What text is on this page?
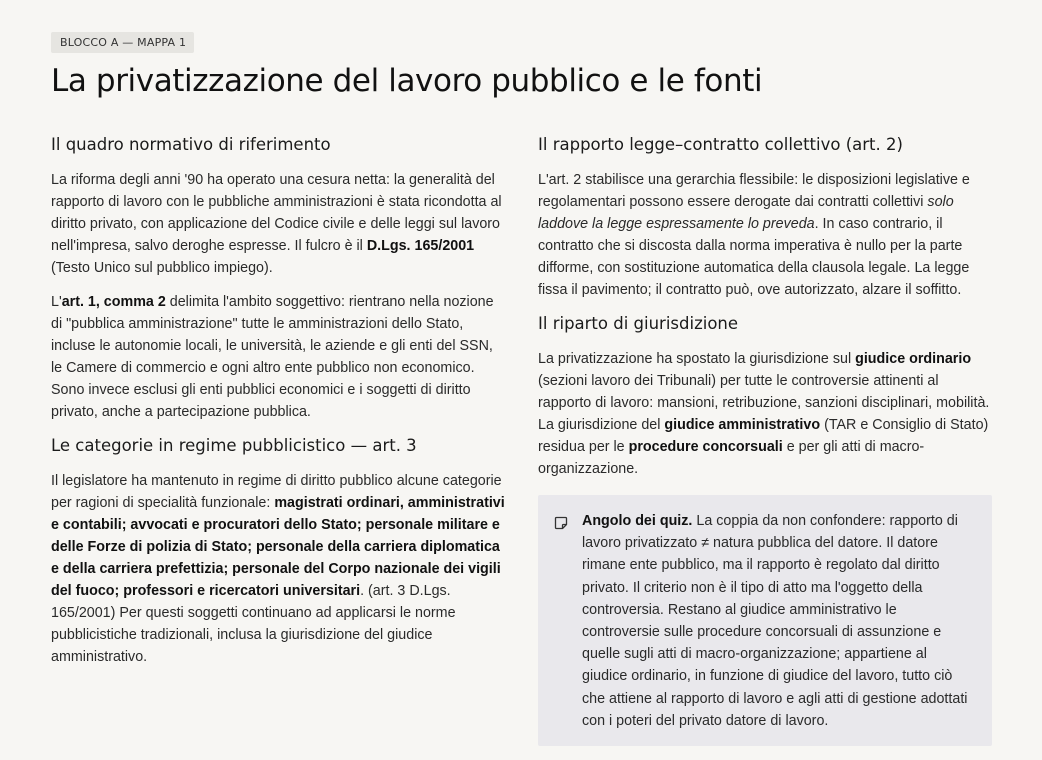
BLOCCO A — MAPPA 1
La privatizzazione del lavoro pubblico e le fonti
Il quadro normativo di riferimento

La riforma degli anni '90 ha operato una cesura netta: la generalità del rapporto di lavoro con le pubbliche amministrazioni è stata ricondotta al diritto privato, con applicazione del Codice civile e delle leggi sul lavoro nell'impresa, salvo deroghe espresse. Il fulcro è il D.Lgs. 165/2001 (Testo Unico sul pubblico impiego).

L'art. 1, comma 2 delimita l'ambito soggettivo: rientrano nella nozione di "pubblica amministrazione" tutte le amministrazioni dello Stato, incluse le autonomie locali, le università, le aziende e gli enti del SSN, le Camere di commercio e ogni altro ente pubblico non economico. Sono invece esclusi gli enti pubblici economici e i soggetti di diritto privato, anche a partecipazione pubblica.

Le categorie in regime pubblicistico — art. 3

Il legislatore ha mantenuto in regime di diritto pubblico alcune categorie per ragioni di specialità funzionale: magistrati ordinari, amministrativi e contabili; avvocati e procuratori dello Stato; personale militare e delle Forze di polizia di Stato; personale della carriera diplomatica e della carriera prefettizia; personale del Corpo nazionale dei vigili del fuoco; professori e ricercatori universitari. (art. 3 D.Lgs. 165/2001) Per questi soggetti continuano ad applicarsi le norme pubblicistiche tradizionali, inclusa la giurisdizione del giudice amministrativo.

Il rapporto legge–contratto collettivo (art. 2)

L'art. 2 stabilisce una gerarchia flessibile: le disposizioni legislative e regolamentari possono essere derogate dai contratti collettivi solo laddove la legge espressamente lo preveda. In caso contrario, il contratto che si discosta dalla norma imperativa è nullo per la parte difforme, con sostituzione automatica della clausola legale. La legge fissa il pavimento; il contratto può, ove autorizzato, alzare il soffitto.

Il riparto di giurisdizione

La privatizzazione ha spostato la giurisdizione sul giudice ordinario (sezioni lavoro dei Tribunali) per tutte le controversie attinenti al rapporto di lavoro: mansioni, retribuzione, sanzioni disciplinari, mobilità. La giurisdizione del giudice amministrativo (TAR e Consiglio di Stato) residua per le procedure concorsuali e per gli atti di macro-organizzazione.

Angolo dei quiz. La coppia da non confondere: rapporto di lavoro privatizzato ≠ natura pubblica del datore. Il datore rimane ente pubblico, ma il rapporto è regolato dal diritto privato. Il criterio non è il tipo di atto ma l'oggetto della controversia. Restano al giudice amministrativo le controversie sulle procedure concorsuali di assunzione e quelle sugli atti di macro-organizzazione; appartiene al giudice ordinario, in funzione di giudice del lavoro, tutto ciò che attiene al rapporto di lavoro e agli atti di gestione adottati con i poteri del privato datore di lavoro.
